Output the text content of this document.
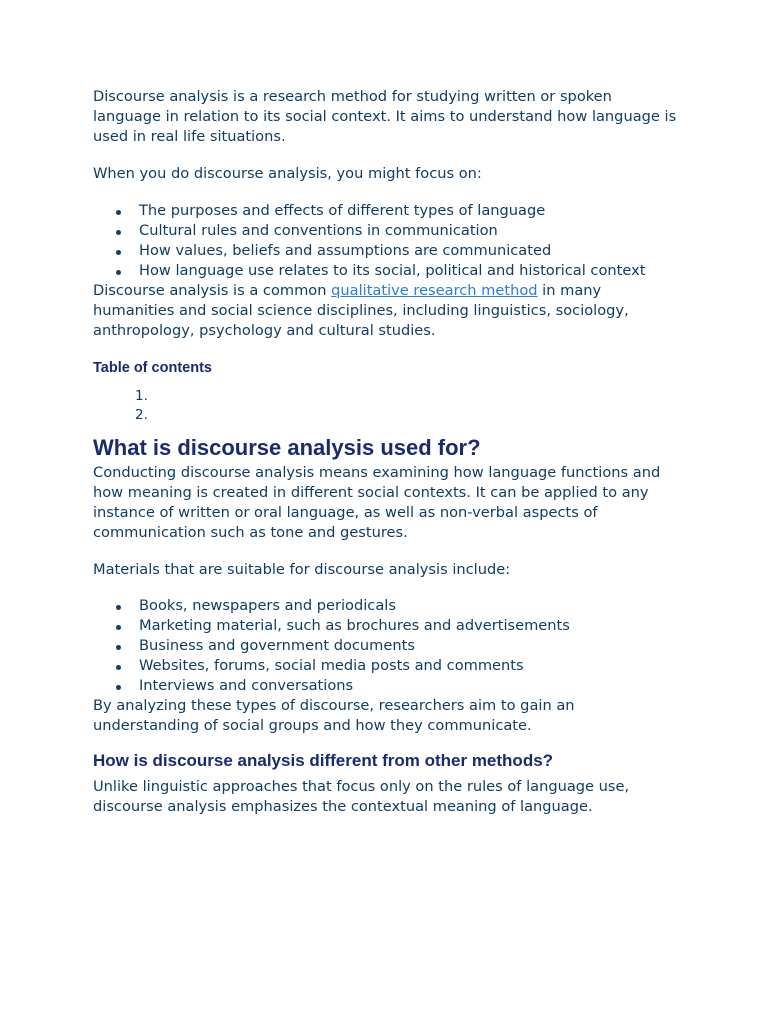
Discourse analysis is a research method for studying written or spoken language in relation to its social context. It aims to understand how language is used in real life situations.

When you do discourse analysis, you might focus on:

The purposes and effects of different types of language
Cultural rules and conventions in communication
How values, beliefs and assumptions are communicated
How language use relates to its social, political and historical context

Discourse analysis is a common qualitative research method in many humanities and social science disciplines, including linguistics, sociology, anthropology, psychology and cultural studies.

Table of contents
1.
2.
What is discourse analysis used for?

Conducting discourse analysis means examining how language functions and how meaning is created in different social contexts. It can be applied to any instance of written or oral language, as well as non-verbal aspects of communication such as tone and gestures.

Materials that are suitable for discourse analysis include:

Books, newspapers and periodicals
Marketing material, such as brochures and advertisements
Business and government documents
Websites, forums, social media posts and comments
Interviews and conversations

By analyzing these types of discourse, researchers aim to gain an understanding of social groups and how they communicate.

How is discourse analysis different from other methods?

Unlike linguistic approaches that focus only on the rules of language use, discourse analysis emphasizes the contextual meaning of language.
